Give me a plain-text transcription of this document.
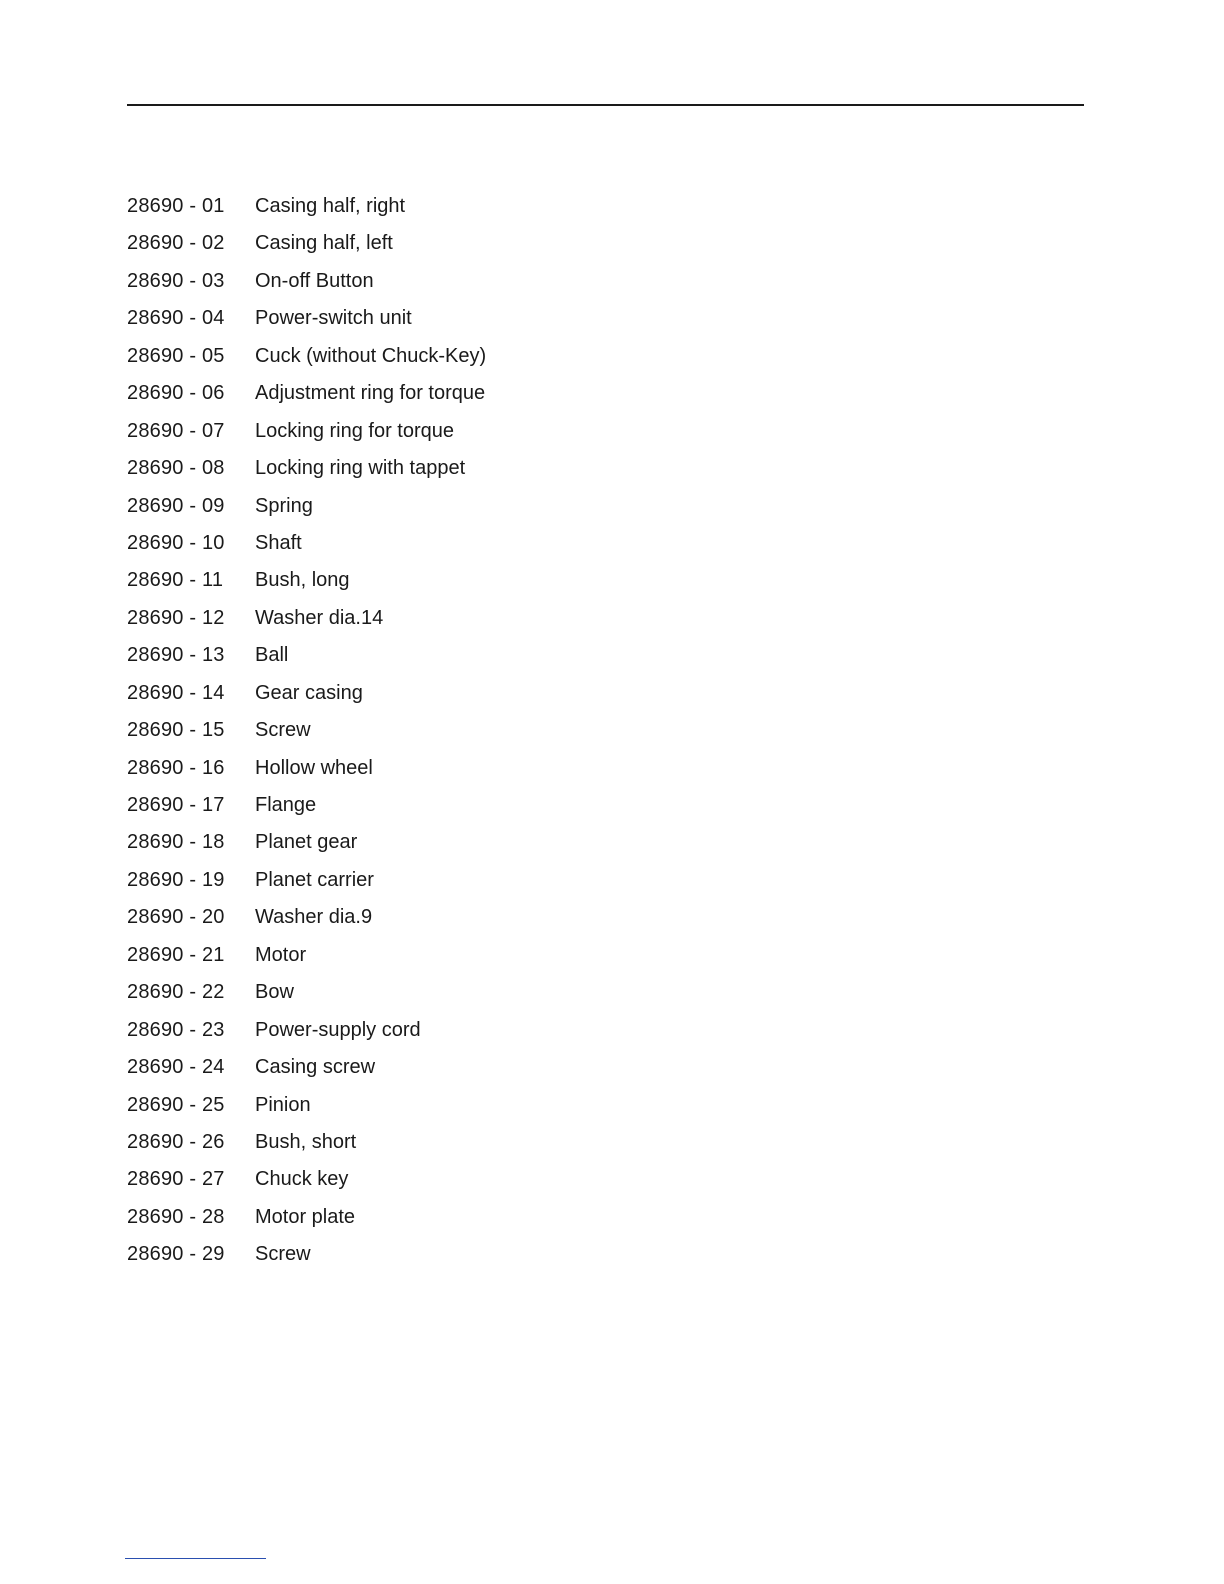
28690 - 01	Casing half, right
28690 - 02	Casing half, left
28690 - 03	On-off Button
28690 - 04	Power-switch unit
28690 - 05	Cuck (without Chuck-Key)
28690 - 06	Adjustment ring for torque
28690 - 07	Locking ring for torque
28690 - 08	Locking ring with tappet
28690 - 09	Spring
28690 - 10	Shaft
28690 - 11	Bush, long
28690 - 12	Washer dia.14
28690 - 13	Ball
28690 - 14	Gear casing
28690 - 15	Screw
28690 - 16	Hollow wheel
28690 - 17	Flange
28690 - 18	Planet gear
28690 - 19	Planet carrier
28690 - 20	Washer dia.9
28690 - 21	Motor
28690 - 22	Bow
28690 - 23	Power-supply cord
28690 - 24	Casing screw
28690 - 25	Pinion
28690 - 26	Bush, short
28690 - 27	Chuck key
28690 - 28	Motor plate
28690 - 29	Screw
